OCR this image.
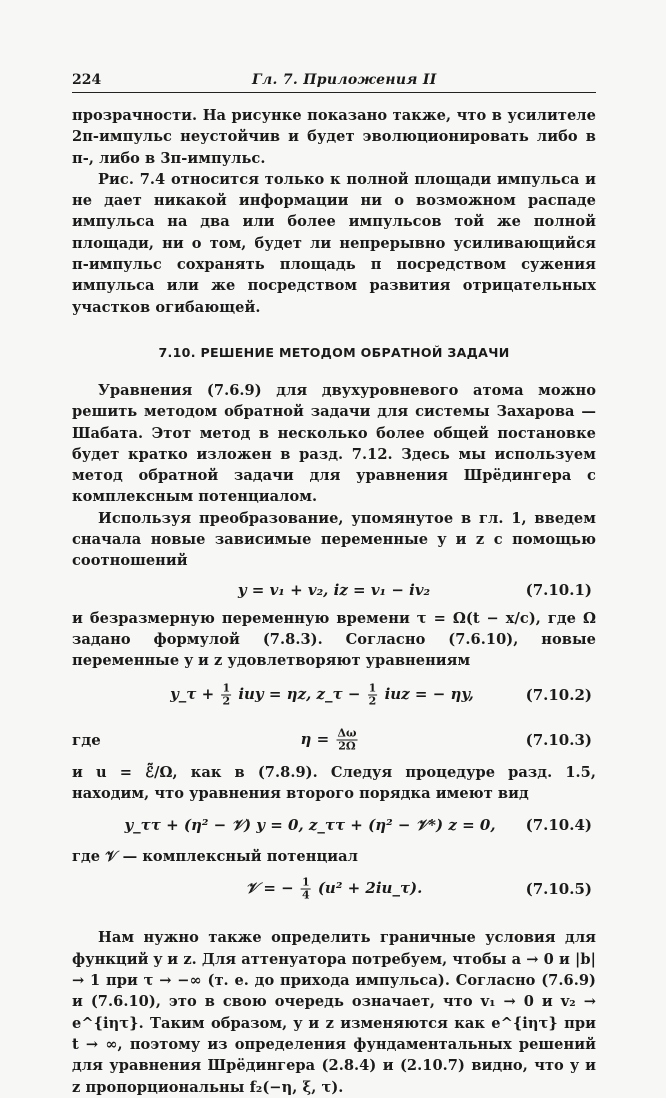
224	Гл. 7. Приложения II

прозрачности. На рисунке показано также, что в усилителе 2π-импульс неустойчив и будет эволюционировать либо в π-, либо в 3π-импульс.

Рис. 7.4 относится только к полной площади импульса и не дает никакой информации ни о возможном распаде импульса на два или более импульсов той же полной площади, ни о том, будет ли непрерывно усиливающийся π-импульс сохранять площадь π посредством сужения импульса или же посредством развития отрицательных участков огибающей.

7.10. РЕШЕНИЕ МЕТОДОМ ОБРАТНОЙ ЗАДАЧИ

Уравнения (7.6.9) для двухуровневого атома можно решить методом обратной задачи для системы Захарова — Шабата. Этот метод в несколько более общей постановке будет кратко изложен в разд. 7.12. Здесь мы используем метод обратной задачи для уравнения Шрёдингера с комплексным потенциалом.

Используя преобразование, упомянутое в гл. 1, введем сначала новые зависимые переменные y и z с помощью соотношений

y = v₁ + v₂, iz = v₁ − iv₂	(7.10.1)

и безразмерную переменную времени τ = Ω(t − x/c), где Ω задано формулой (7.8.3). Согласно (7.6.10), новые переменные y и z удовлетворяют уравнениям

y_τ + $\frac{1}{2}$ iuy = ηz, z_τ − $\frac{1}{2}$ iuz = − ηy,	(7.10.2)
где	$\eta = \frac{\Delta\omega}{2\Omega}$	(7.10.3)

и u = ℰ̃/Ω, как в (7.8.9). Следуя процедуре разд. 1.5, находим, что уравнения второго порядка имеют вид

y_ττ + (η² − 𝒱) y = 0, z_ττ + (η² − 𝒱*) z = 0, (7.10.4)

где 𝒱 — комплексный потенциал

𝒱 = − $\frac{1}{4} (u^2$ + 2iu_τ).	(7.10.5)

Нам нужно также определить граничные условия для функций y и z. Для аттенуатора потребуем, чтобы a → 0 и |b| → 1 при τ → −∞ (т. е. до прихода импульса). Согласно (7.6.9) и (7.6.10), это в свою очередь означает, что v₁ → 0 и v₂ → e^{iητ}. Таким образом, y и z изменяются как e^{iητ} при t → ∞, поэтому из определения фундаментальных решений для уравнения Шрёдингера (2.8.4) и (2.10.7) видно, что y и z пропорциональны f₂(−η, ξ, τ).
